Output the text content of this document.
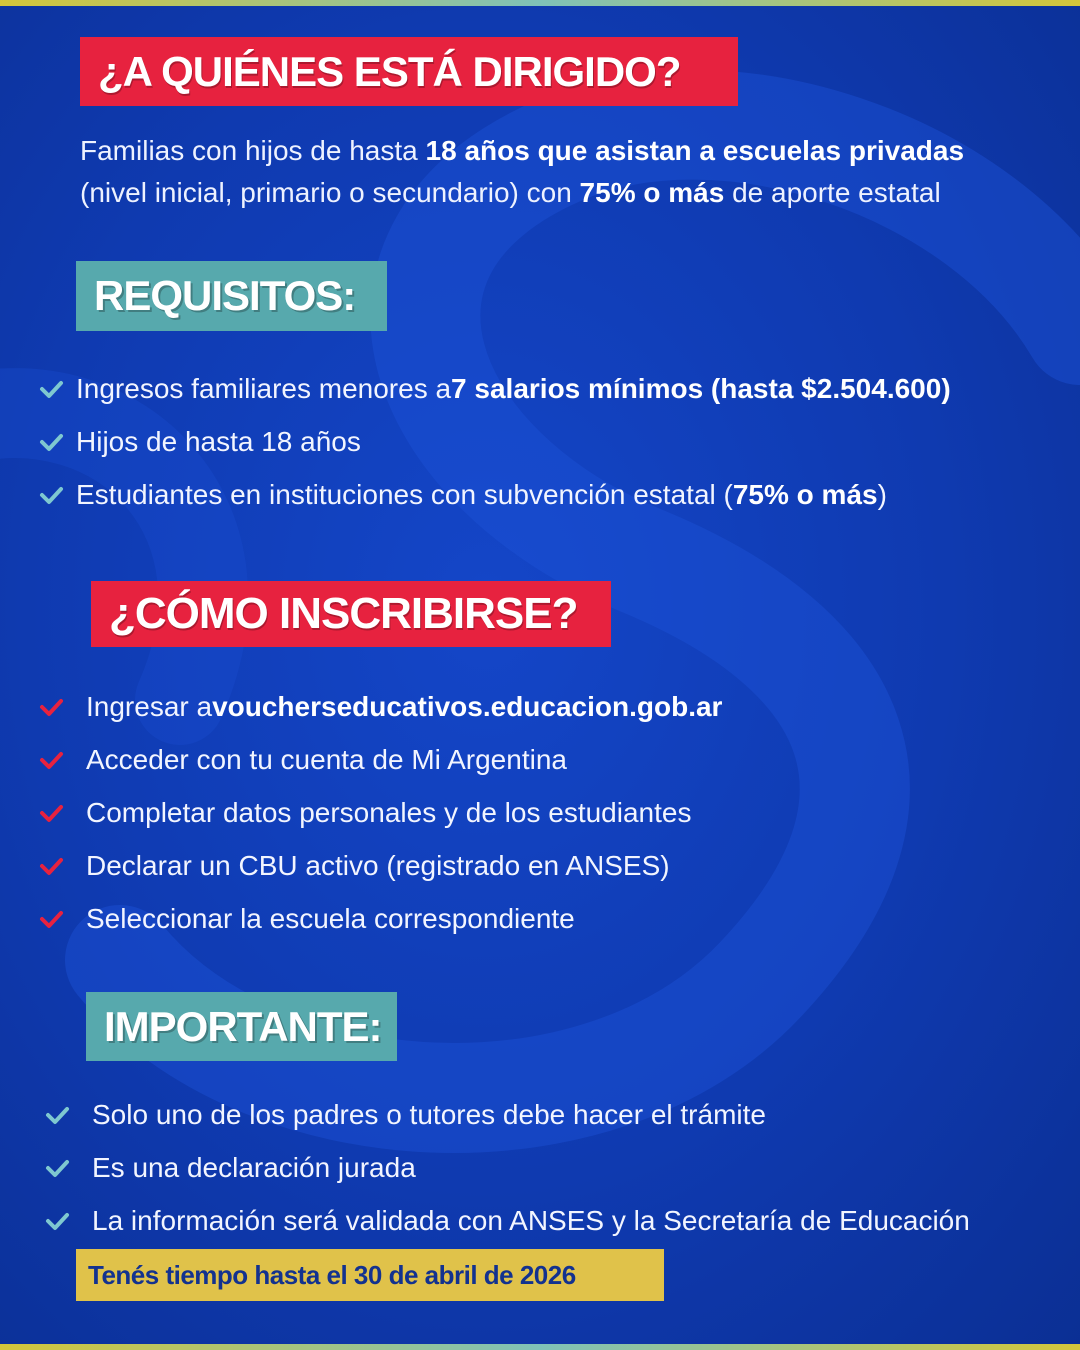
¿A QUIÉNES ESTÁ DIRIGIDO?
Familias con hijos de hasta 18 años que asistan a escuelas privadas
(nivel inicial, primario o secundario) con 75% o más de aporte estatal
REQUISITOS:
Ingresos familiares menores a 7 salarios mínimos (hasta $2.504.600)
Hijos de hasta 18 años
Estudiantes en instituciones con subvención estatal ( 75% o más )
¿CÓMO INSCRIBIRSE?
Ingresar a voucherseducativos.educacion.gob.ar
Acceder con tu cuenta de Mi Argentina
Completar datos personales y de los estudiantes
Declarar un CBU activo (registrado en ANSES)
Seleccionar la escuela correspondiente
IMPORTANTE:
Solo uno de los padres o tutores debe hacer el trámite
Es una declaración jurada
La información será validada con ANSES y la Secretaría de Educación
Tenés tiempo hasta el 30 de abril de 2026
